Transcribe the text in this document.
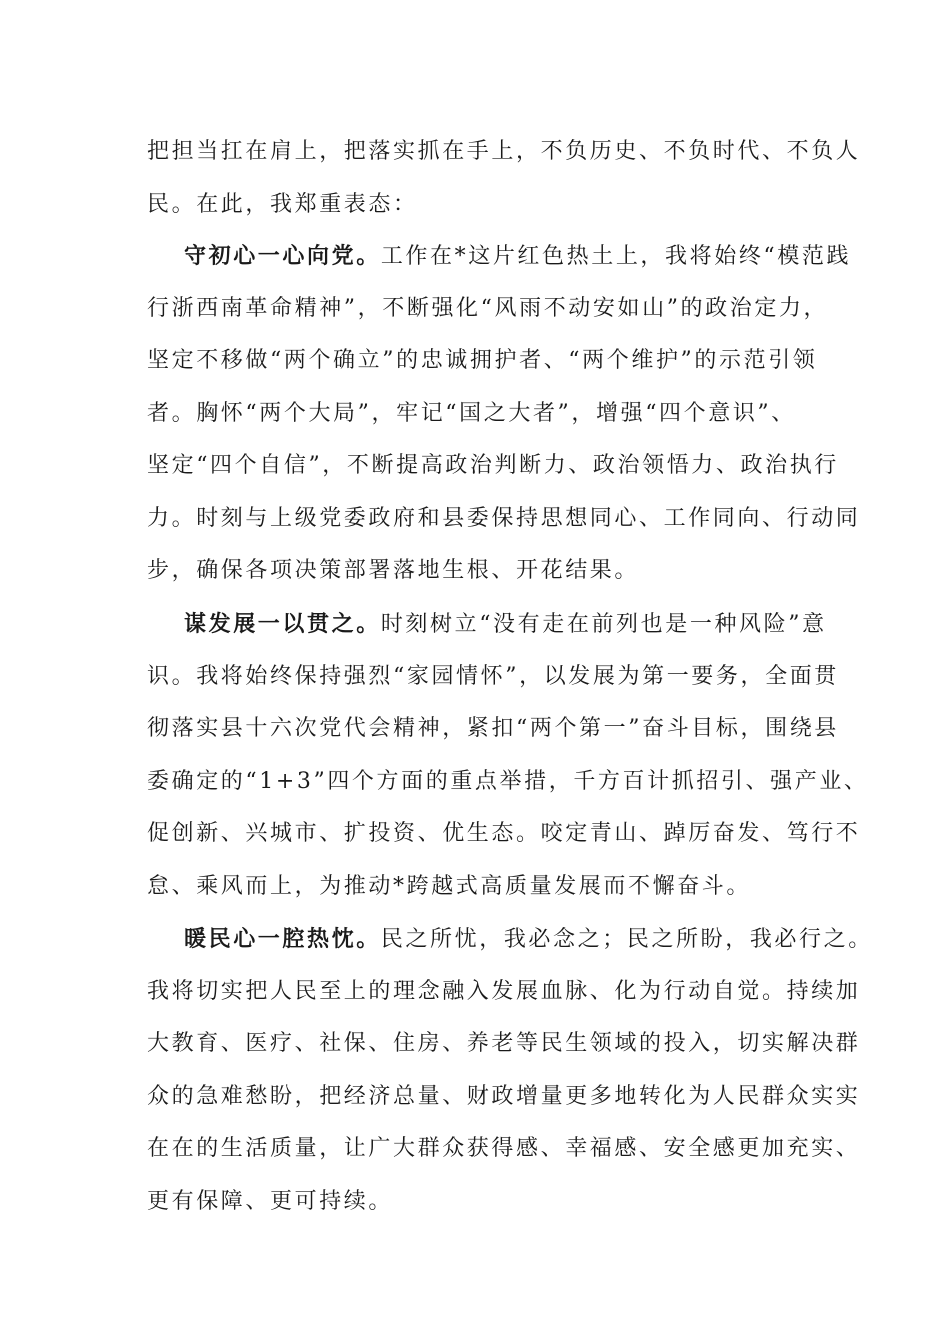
把担当扛在肩上，把落实抓在手上，不负历史、不负时代、不负人
民。在此，我郑重表态：
守初心一心向党。工作在*这片红色热土上，我将始终“模范践
行浙西南革命精神”，不断强化“风雨不动安如山”的政治定力，
坚定不移做“两个确立”的忠诚拥护者、“两个维护”的示范引领
者。胸怀“两个大局”，牢记“国之大者”，增强“四个意识”、
坚定“四个自信”，不断提高政治判断力、政治领悟力、政治执行
力。时刻与上级党委政府和县委保持思想同心、工作同向、行动同
步，确保各项决策部署落地生根、开花结果。
谋发展一以贯之。时刻树立“没有走在前列也是一种风险”意
识。我将始终保持强烈“家园情怀”，以发展为第一要务，全面贯
彻落实县十六次党代会精神，紧扣“两个第一”奋斗目标，围绕县
委确定的“1+3”四个方面的重点举措，千方百计抓招引、强产业、
促创新、兴城市、扩投资、优生态。咬定青山、踔厉奋发、笃行不
怠、乘风而上，为推动*跨越式高质量发展而不懈奋斗。
暖民心一腔热忱。民之所忧，我必念之；民之所盼，我必行之。
我将切实把人民至上的理念融入发展血脉、化为行动自觉。持续加
大教育、医疗、社保、住房、养老等民生领域的投入，切实解决群
众的急难愁盼，把经济总量、财政增量更多地转化为人民群众实实
在在的生活质量，让广大群众获得感、幸福感、安全感更加充实、
更有保障、更可持续。
